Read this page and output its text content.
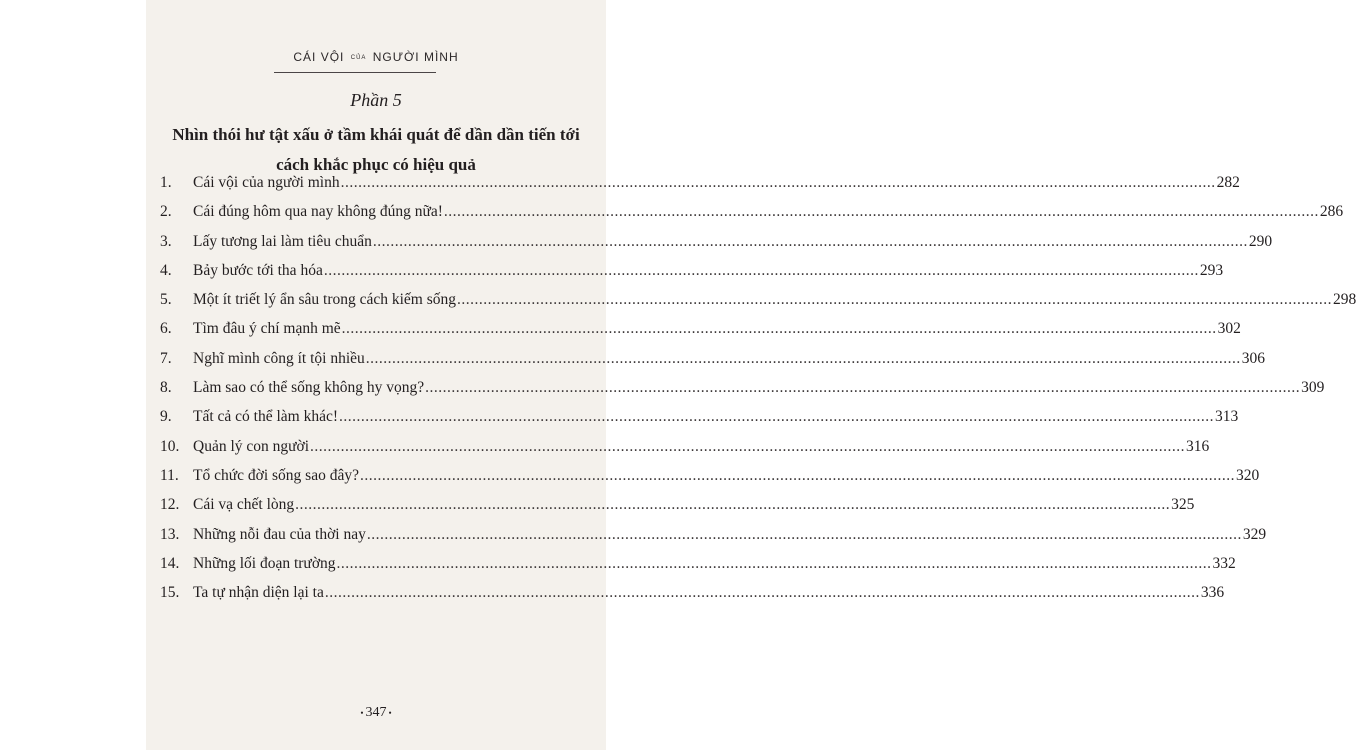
CÁI VỘI CỦA NGƯỜI MÌNH
Phần 5
Nhìn thói hư tật xấu ở tầm khái quát để dần dần tiến tới
cách khắc phục có hiệu quả
1.	Cái vội của người mình ........................................................................................................................................................................................................ 282
2.	Cái đúng hôm qua nay không đúng nữa! ........................................................................................................................................................................................................ 286
3.	Lấy tương lai làm tiêu chuẩn ........................................................................................................................................................................................................ 290
4.	Bảy bước tới tha hóa ........................................................................................................................................................................................................ 293
5.	Một ít triết lý ẩn sâu trong cách kiếm sống ........................................................................................................................................................................................................ 298
6.	Tìm đâu ý chí mạnh mẽ ........................................................................................................................................................................................................ 302
7.	Nghĩ mình công ít tội nhiều ........................................................................................................................................................................................................ 306
8.	Làm sao có thể sống không hy vọng? ........................................................................................................................................................................................................ 309
9.	Tất cả có thể làm khác! ........................................................................................................................................................................................................ 313
10. Quản lý con người ........................................................................................................................................................................................................ 316
11. Tổ chức đời sống sao đây? ........................................................................................................................................................................................................ 320
12. Cái vạ chết lòng ........................................................................................................................................................................................................ 325
13. Những nỗi đau của thời nay ........................................................................................................................................................................................................ 329
14. Những lối đoạn trường ........................................................................................................................................................................................................ 332
15. Ta tự nhận diện lại ta ........................................................................................................................................................................................................ 336
• 347 •
